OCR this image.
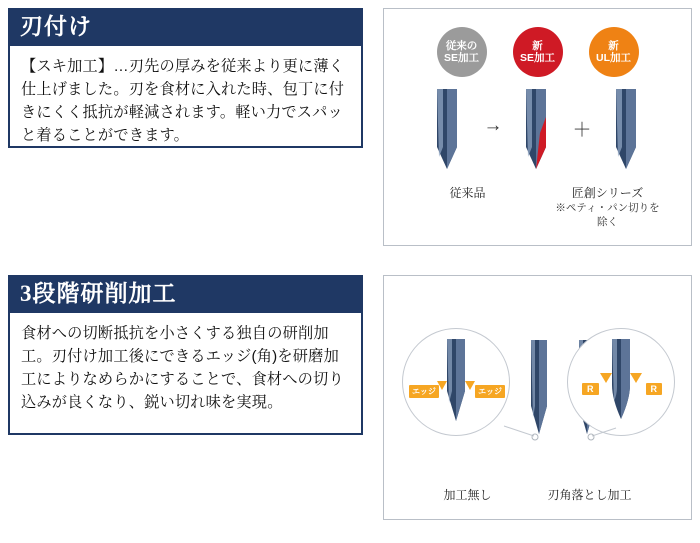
刃付け
【スキ加工】…刃先の厚みを従来より更に薄く仕上げました。刃を食材に入れた時、包丁に付きにくく抵抗が軽減されます。軽い力でスパッと着ることができます。
従来の
SE加工
新
SE加工
新
UL加工
→	＋
従来品	匠創シリーズ
※ペティ・パン切りを除く
3段階研削加工
食材への切断抵抗を小さくする独自の研削加工。刃付け加工後にできるエッジ(角)を研磨加工によりなめらかにすることで、食材への切り込みが良くなり、鋭い切れ味を実現。
エッジ	エッジ	R	R
加工無し	刃角落とし加工
